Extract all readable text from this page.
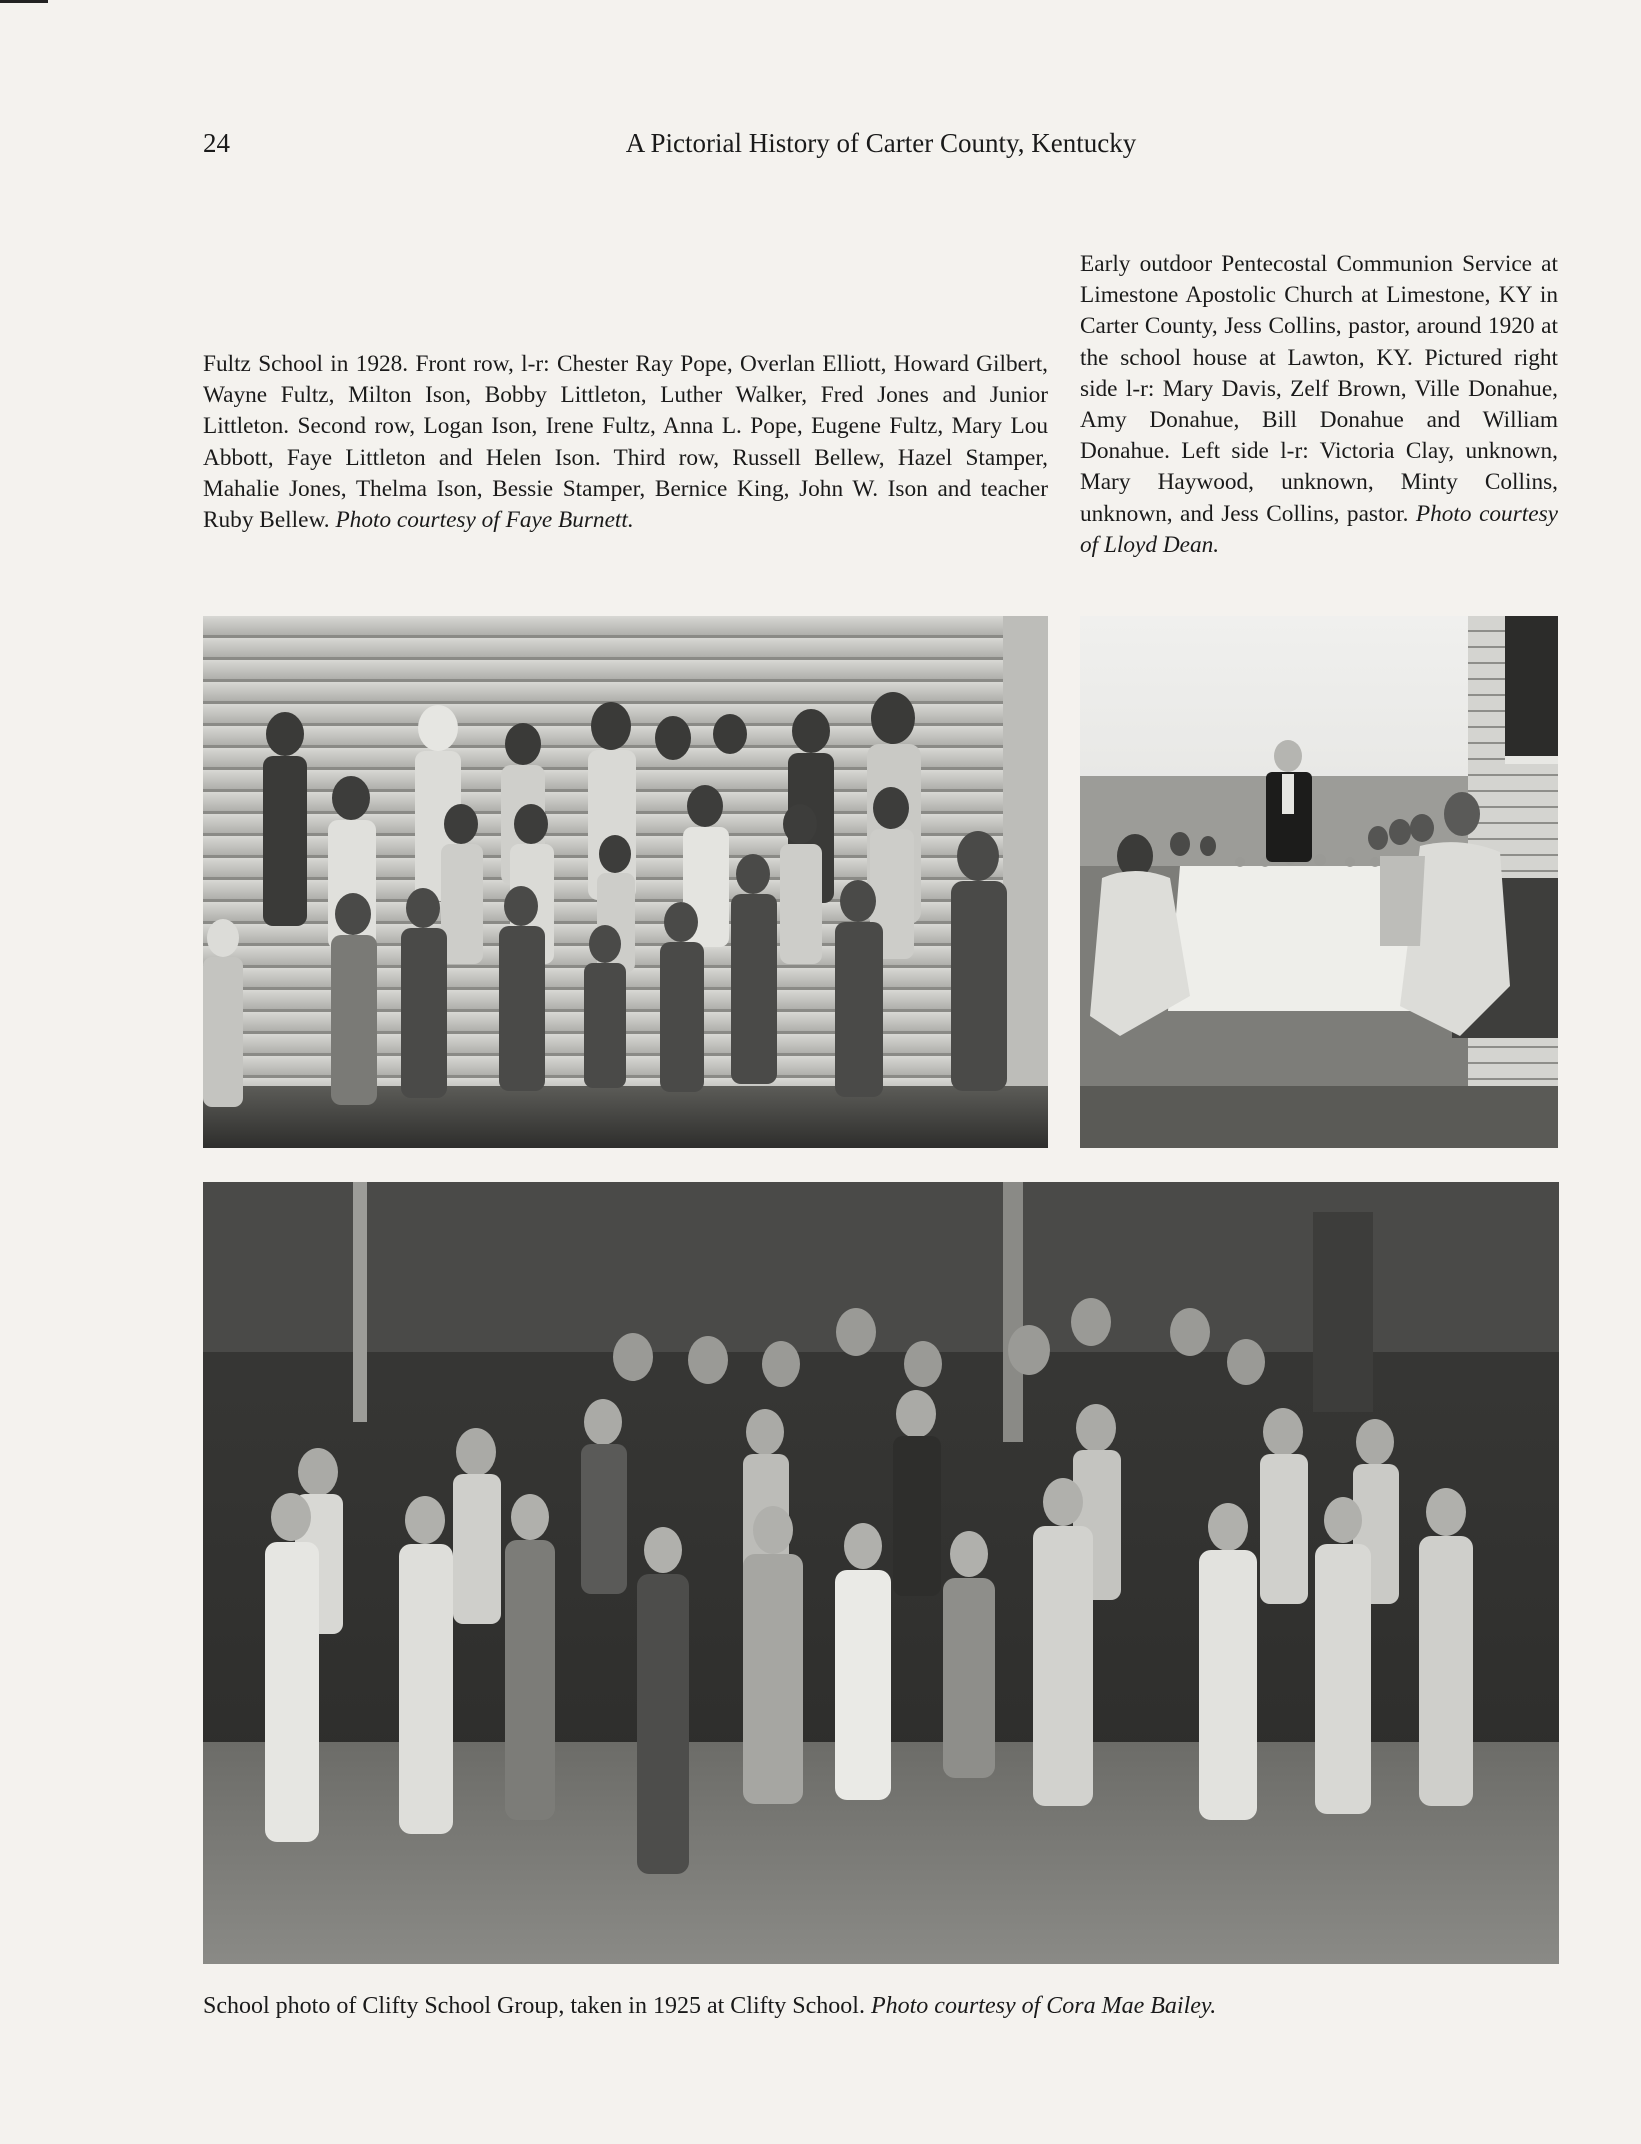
24	A Pictorial History of Carter County, Kentucky

Fultz School in 1928. Front row, l-r: Chester Ray Pope, Overlan Elliott, Howard Gilbert, Wayne Fultz, Milton Ison, Bobby Littleton, Luther Walker, Fred Jones and Junior Littleton. Second row, Logan Ison, Irene Fultz, Anna L. Pope, Eugene Fultz, Mary Lou Abbott, Faye Littleton and Helen Ison. Third row, Russell Bellew, Hazel Stamper, Mahalie Jones, Thelma Ison, Bessie Stamper, Bernice King, John W. Ison and teacher Ruby Bellew. Photo courtesy of Faye Burnett.

Early outdoor Pentecostal Communion Service at Limestone Apostolic Church at Limestone, KY in Carter County, Jess Collins, pastor, around 1920 at the school house at Lawton, KY. Pictured right side l-r: Mary Davis, Zelf Brown, Ville Donahue, Amy Donahue, Bill Donahue and William Donahue. Left side l-r: Victoria Clay, unknown, Mary Haywood, unknown, Minty Collins, unknown, and Jess Collins, pastor. Photo courtesy of Lloyd Dean.

School photo of Clifty School Group, taken in 1925 at Clifty School. Photo courtesy of Cora Mae Bailey.
